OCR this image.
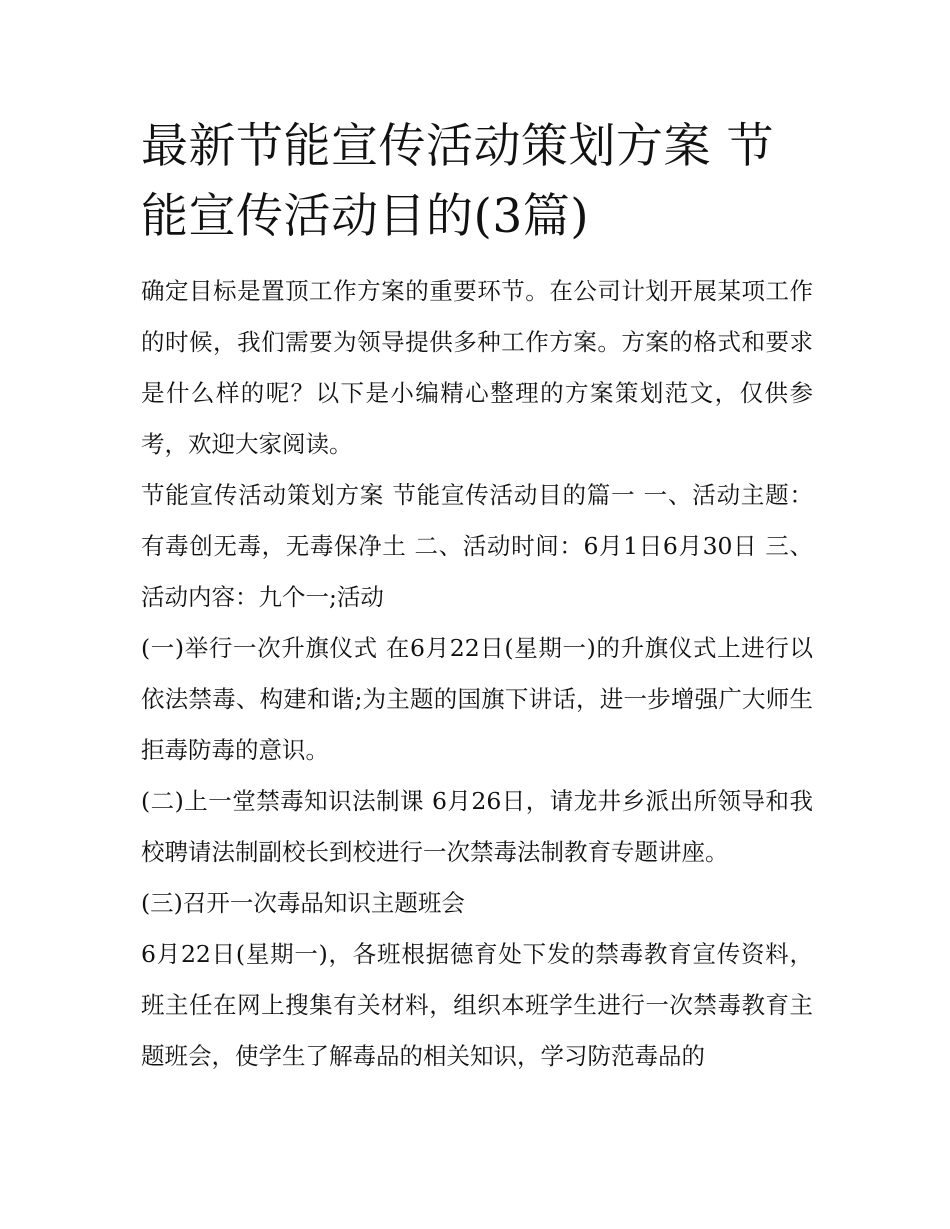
最新节能宣传活动策划方案 节能宣传活动目的(3篇)

确定目标是置顶工作方案的重要环节。在公司计划开展某项工作的时候，我们需要为领导提供多种工作方案。方案的格式和要求是什么样的呢？以下是小编精心整理的方案策划范文，仅供参考，欢迎大家阅读。

节能宣传活动策划方案 节能宣传活动目的篇一 一、活动主题：有毒创无毒，无毒保净土 二、活动时间：6月1日6月30日 三、活动内容：九个一;活动

(一)举行一次升旗仪式 在6月22日(星期一)的升旗仪式上进行以依法禁毒、构建和谐;为主题的国旗下讲话，进一步增强广大师生拒毒防毒的意识。

(二)上一堂禁毒知识法制课 6月26日，请龙井乡派出所领导和我校聘请法制副校长到校进行一次禁毒法制教育专题讲座。

(三)召开一次毒品知识主题班会

6月22日(星期一)，各班根据德育处下发的禁毒教育宣传资料，班主任在网上搜集有关材料，组织本班学生进行一次禁毒教育主题班会，使学生了解毒品的相关知识，学习防范毒品的
